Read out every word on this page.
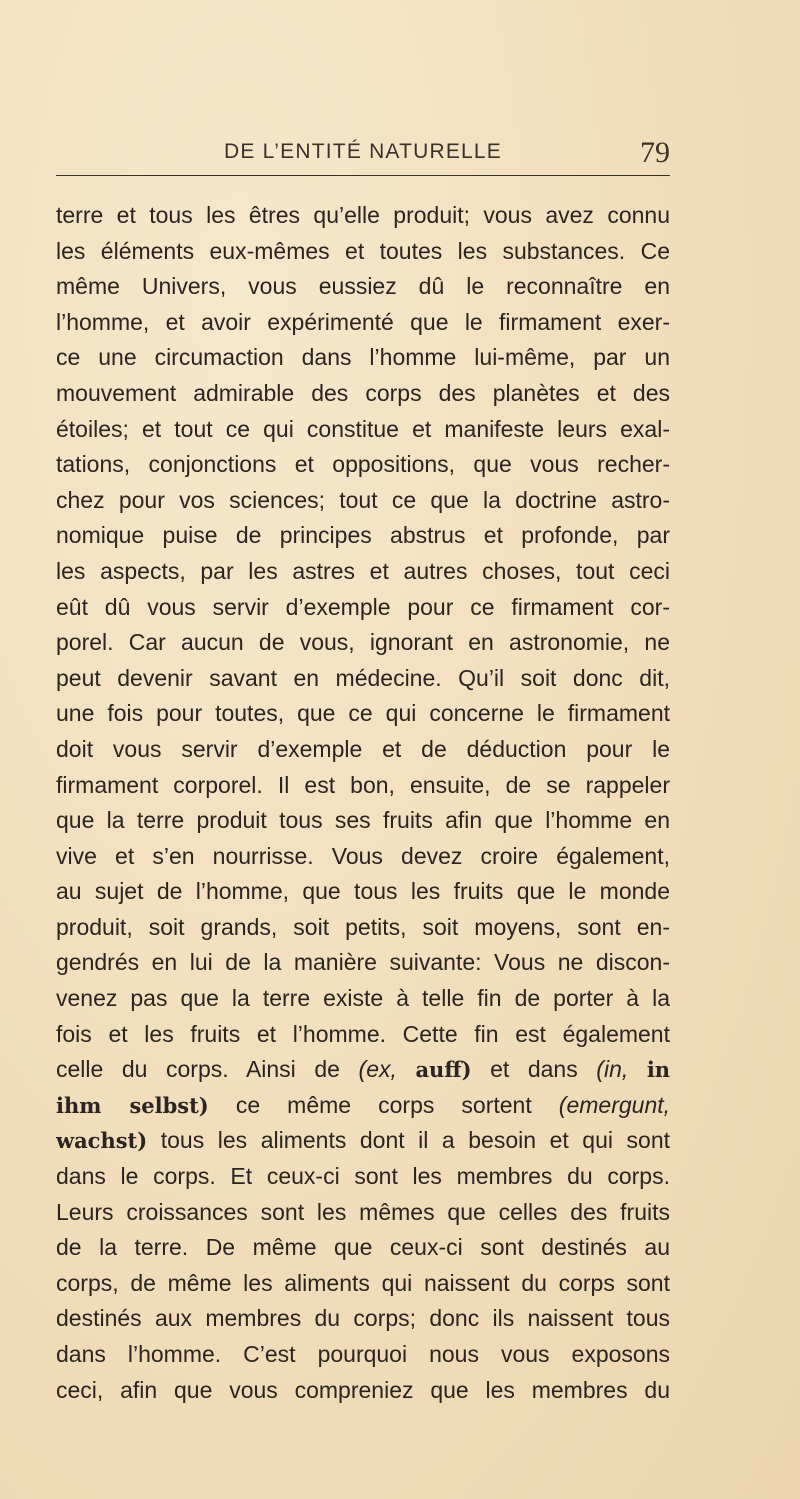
DE L’ENTITÉ NATURELLE	79
terre et tous les êtres qu’elle produit; vous avez connu
les éléments eux-mêmes et toutes les substances. Ce
même Univers, vous eussiez dû le reconnaître en
l’homme, et avoir expérimenté que le firmament exer-
ce une circumaction dans l’homme lui-même, par un
mouvement admirable des corps des planètes et des
étoiles; et tout ce qui constitue et manifeste leurs exal-
tations, conjonctions et oppositions, que vous recher-
chez pour vos sciences; tout ce que la doctrine astro-
nomique puise de principes abstrus et profonde, par
les aspects, par les astres et autres choses, tout ceci
eût dû vous servir d’exemple pour ce firmament cor-
porel. Car aucun de vous, ignorant en astronomie, ne
peut devenir savant en médecine. Qu’il soit donc dit,
une fois pour toutes, que ce qui concerne le firmament
doit vous servir d’exemple et de déduction pour le
firmament corporel. Il est bon, ensuite, de se rappeler
que la terre produit tous ses fruits afin que l’homme en
vive et s’en nourrisse. Vous devez croire également,
au sujet de l’homme, que tous les fruits que le monde
produit, soit grands, soit petits, soit moyens, sont en-
gendrés en lui de la manière suivante: Vous ne discon-
venez pas que la terre existe à telle fin de porter à la
fois et les fruits et l’homme. Cette fin est également
celle du corps. Ainsi de (ex, auff) et dans (in, in
ihm selbst) ce même corps sortent (emergunt,
wachst) tous les aliments dont il a besoin et qui sont
dans le corps. Et ceux-ci sont les membres du corps.
Leurs croissances sont les mêmes que celles des fruits
de la terre. De même que ceux-ci sont destinés au
corps, de même les aliments qui naissent du corps sont
destinés aux membres du corps; donc ils naissent tous
dans l’homme. C’est pourquoi nous vous exposons
ceci, afin que vous compreniez que les membres du
